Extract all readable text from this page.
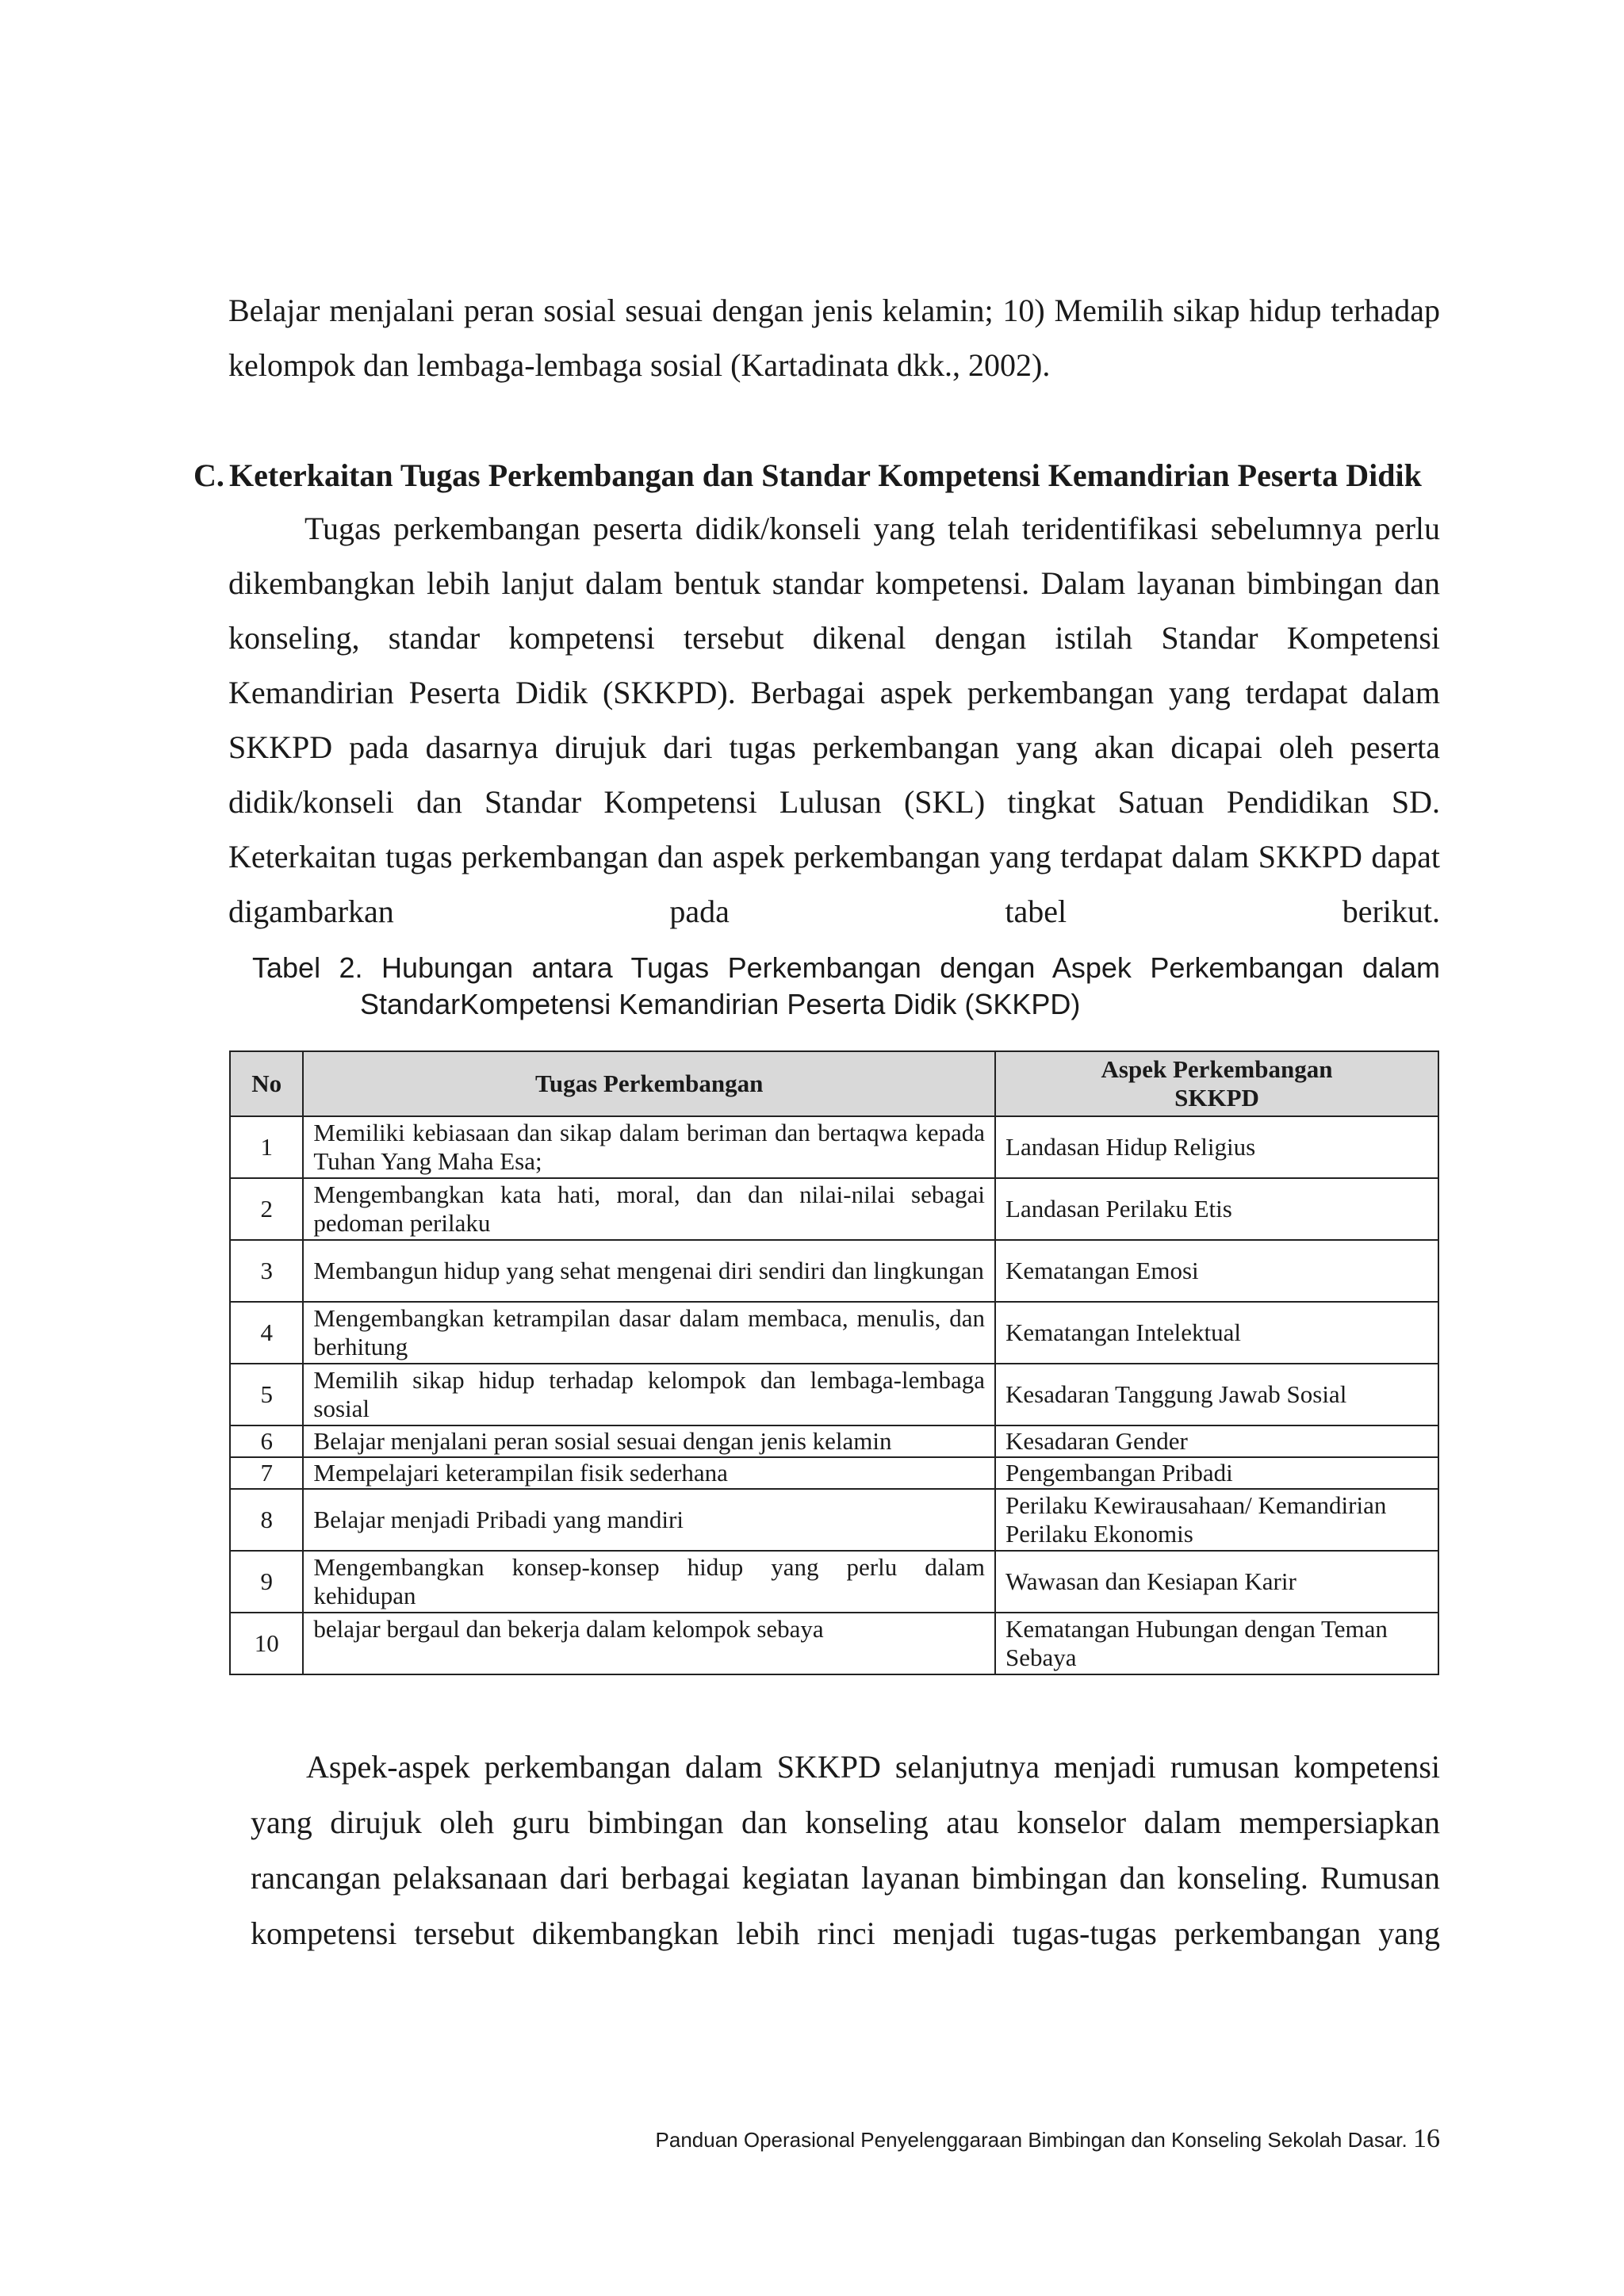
Belajar menjalani peran sosial sesuai dengan jenis kelamin; 10) Memilih sikap hidup terhadap
kelompok dan lembaga-lembaga sosial (Kartadinata dkk., 2002).

C. Keterkaitan Tugas Perkembangan dan Standar Kompetensi Kemandirian Peserta Didik

Tugas perkembangan peserta didik/konseli yang telah teridentifikasi sebelumnya perlu dikembangkan lebih lanjut dalam bentuk standar kompetensi. Dalam layanan bimbingan dan konseling, standar kompetensi tersebut dikenal dengan istilah Standar Kompetensi Kemandirian Peserta Didik (SKKPD). Berbagai aspek perkembangan yang terdapat dalam SKKPD pada dasarnya dirujuk dari tugas perkembangan yang akan dicapai oleh peserta didik/konseli dan Standar Kompetensi Lulusan (SKL) tingkat Satuan Pendidikan SD. Keterkaitan tugas perkembangan dan aspek perkembangan yang terdapat dalam SKKPD dapat digambarkan pada tabel berikut.

Tabel 2. Hubungan antara Tugas Perkembangan dengan Aspek Perkembangan dalam
StandarKompetensi Kemandirian Peserta Didik (SKKPD)

No	Tugas Perkembangan	Aspek Perkembangan
SKKPD
1	Memiliki kebiasaan dan sikap dalam beriman dan bertaqwa kepada Tuhan Yang Maha Esa;	Landasan Hidup Religius
2	Mengembangkan kata hati, moral, dan dan nilai-nilai sebagai pedoman perilaku	Landasan Perilaku Etis
3	Membangun hidup yang sehat mengenai diri sendiri dan lingkungan	Kematangan Emosi
4	Mengembangkan ketrampilan dasar dalam membaca, menulis, dan berhitung	Kematangan Intelektual
5	Memilih sikap hidup terhadap kelompok dan lembaga-lembaga sosial	Kesadaran Tanggung Jawab Sosial
6	Belajar menjalani peran sosial sesuai dengan jenis kelamin	Kesadaran Gender
7	Mempelajari keterampilan fisik sederhana	Pengembangan Pribadi
8	Belajar menjadi Pribadi yang mandiri	Perilaku Kewirausahaan/ Kemandirian Perilaku Ekonomis
9	Mengembangkan konsep-konsep hidup yang perlu dalam kehidupan	Wawasan dan Kesiapan Karir
10	belajar bergaul dan bekerja dalam kelompok sebaya	Kematangan Hubungan dengan Teman Sebaya

Aspek-aspek perkembangan dalam SKKPD selanjutnya menjadi rumusan kompetensi yang dirujuk oleh guru bimbingan dan konseling atau konselor dalam mempersiapkan rancangan pelaksanaan dari berbagai kegiatan layanan bimbingan dan konseling. Rumusan kompetensi tersebut dikembangkan lebih rinci menjadi tugas-tugas perkembangan yang

Panduan Operasional Penyelenggaraan Bimbingan dan Konseling Sekolah Dasar. 16
